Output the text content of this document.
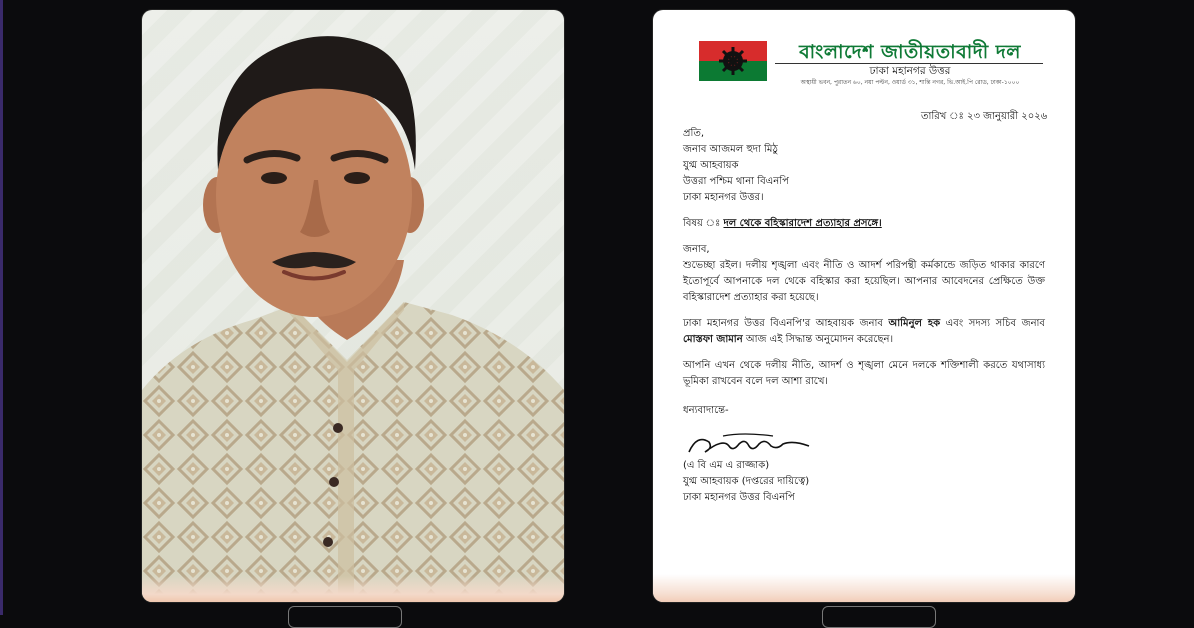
বাংলাদেশ জাতীয়তাবাদী দল
ঢাকা মহানগর উত্তর
অস্থায়ী ভবন, পুরাতন ৬০, নয়া পল্টন, ওয়ার্ড ৩১, শান্তি নগর, ভি.আই.পি রোড, ঢাকা-১০০০
তারিখ ঃ ২৩ জানুয়ারী ২০২৬
প্রতি,
জনাব আজমল হুদা মিঠু
যুগ্ম আহবায়ক
উত্তরা পশ্চিম থানা বিএনপি
ঢাকা মহানগর উত্তর।
বিষয় ঃ দল থেকে বহিস্কারাদেশ প্রত্যাহার প্রসঙ্গে।
জনাব,
শুভেচ্ছা রইল। দলীয় শৃঙ্খলা এবং নীতি ও আদর্শ পরিপন্থী কর্মকান্ডে জড়িত থাকার কারণে ইতোপূর্বে আপনাকে দল থেকে বহিস্কার করা হয়েছিল। আপনার আবেদনের প্রেক্ষিতে উক্ত বহিস্কারাদেশ প্রত্যাহার করা হয়েছে।
ঢাকা মহানগর উত্তর বিএনপি'র আহবায়ক জনাব আমিনুল হক এবং সদস্য সচিব জনাব মোস্তফা জামান আজ এই সিদ্ধান্ত অনুমোদন করেছেন।
আপনি এখন থেকে দলীয় নীতি, আদর্শ ও শৃঙ্খলা মেনে দলকে শক্তিশালী করতে যথাসাধ্য ভূমিকা রাখবেন বলে দল আশা রাখে।
ধন্যবাদান্তে-
(এ বি এম এ রাজ্জাক)
যুগ্ম আহবায়ক (দপ্তরের দায়িত্বে)
ঢাকা মহানগর উত্তর বিএনপি
